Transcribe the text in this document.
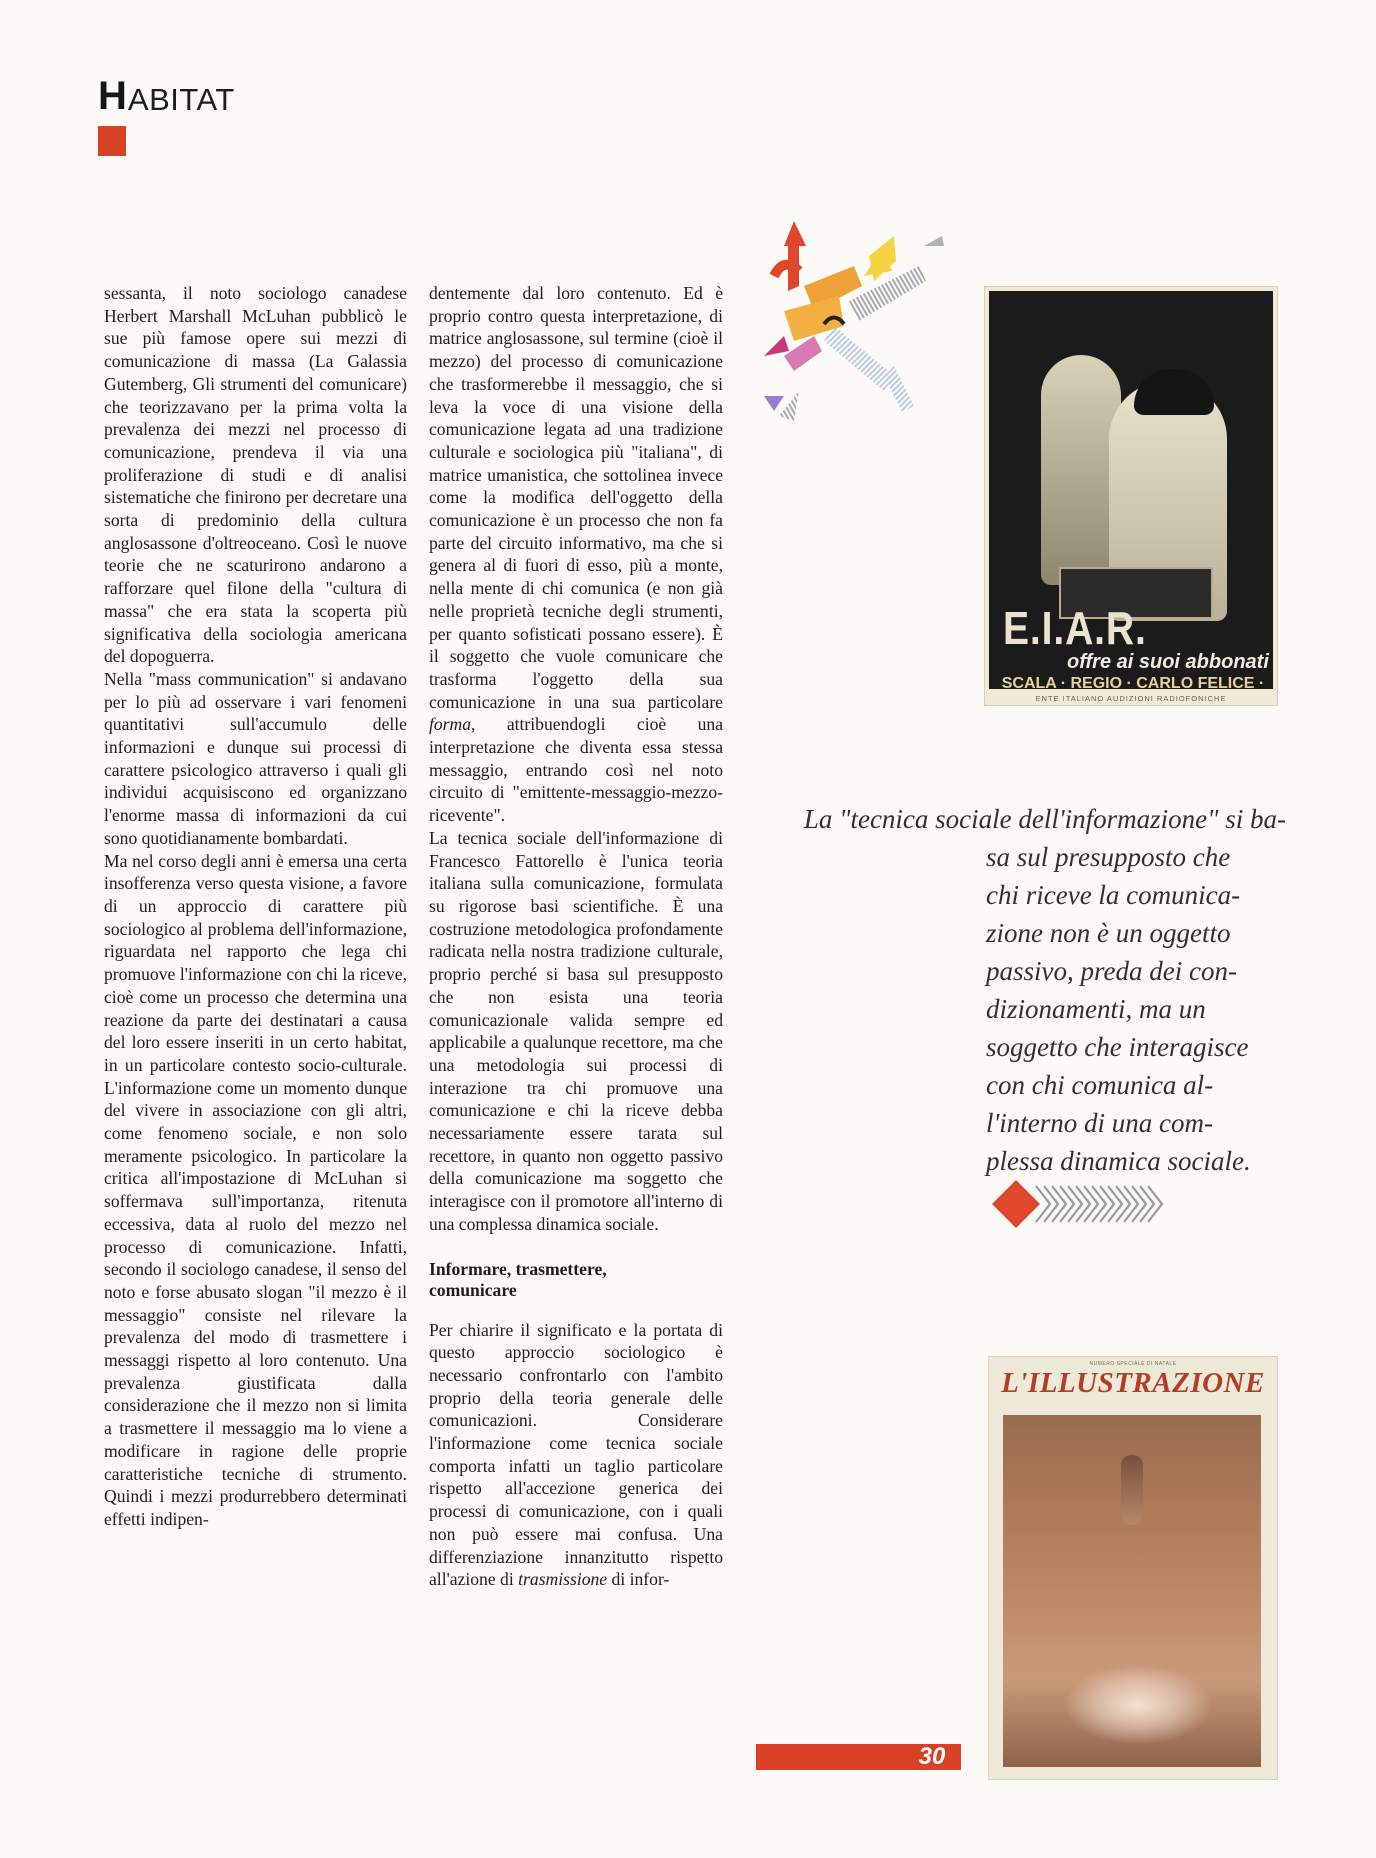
H ABITAT

sessanta, il noto sociologo canadese Herbert Marshall McLuhan pubblicò le sue più famose opere sui mezzi di comunicazione di massa (La Galassia Gutemberg, Gli strumenti del comunicare) che teorizzavano per la prima volta la prevalenza dei mezzi nel processo di comunicazione, prendeva il via una proliferazione di studi e di analisi sistematiche che finirono per decretare una sorta di predominio della cultura anglosassone d'oltreoceano. Così le nuove teorie che ne scaturirono andarono a rafforzare quel filone della "cultura di massa" che era stata la scoperta più significativa della sociologia americana del dopoguerra.

Nella "mass communication" si andavano per lo più ad osservare i vari fenomeni quantitativi sull'accumulo delle informazioni e dunque sui processi di carattere psicologico attraverso i quali gli individui acquisiscono ed organizzano l'enorme massa di informazioni da cui sono quotidianamente bombardati.

Ma nel corso degli anni è emersa una certa insofferenza verso questa visione, a favore di un approccio di carattere più sociologico al problema dell'informazione, riguardata nel rapporto che lega chi promuove l'informazione con chi la riceve, cioè come un processo che determina una reazione da parte dei destinatari a causa del loro essere inseriti in un certo habitat, in un particolare contesto socio-culturale. L'informazione come un momento dunque del vivere in associazione con gli altri, come fenomeno sociale, e non solo meramente psicologico. In particolare la critica all'impostazione di McLuhan si soffermava sull'importanza, ritenuta eccessiva, data al ruolo del mezzo nel processo di comunicazione. Infatti, secondo il sociologo canadese, il senso del noto e forse abusato slogan "il mezzo è il messaggio" consiste nel rilevare la prevalenza del modo di trasmettere i messaggi rispetto al loro contenuto. Una prevalenza giustificata dalla considerazione che il mezzo non si limita a trasmettere il messaggio ma lo viene a modificare in ragione delle proprie caratteristiche tecniche di strumento. Quindi i mezzi produrrebbero determinati effetti indipen-

dentemente dal loro contenuto. Ed è proprio contro questa interpretazione, di matrice anglosassone, sul termine (cioè il mezzo) del processo di comunicazione che trasformerebbe il messaggio, che si leva la voce di una visione della comunicazione legata ad una tradizione culturale e sociologica più "italiana", di matrice umanistica, che sottolinea invece come la modifica dell'oggetto della comunicazione è un processo che non fa parte del circuito informativo, ma che si genera al di fuori di esso, più a monte, nella mente di chi comunica (e non già nelle proprietà tecniche degli strumenti, per quanto sofisticati possano essere). È il soggetto che vuole comunicare che trasforma l'oggetto della sua comunicazione in una sua particolare forma, attribuendogli cioè una interpretazione che diventa essa stessa messaggio, entrando così nel noto circuito di "emittente-messaggio-mezzo-ricevente".

La tecnica sociale dell'informazione di Francesco Fattorello è l'unica teoria italiana sulla comunicazione, formulata su rigorose basi scientifiche. È una costruzione metodologica profondamente radicata nella nostra tradizione culturale, proprio perché si basa sul presupposto che non esista una teoria comunicazionale valida sempre ed applicabile a qualunque recettore, ma che una metodologia sui processi di interazione tra chi promuove una comunicazione e chi la riceve debba necessariamente essere tarata sul recettore, in quanto non oggetto passivo della comunicazione ma soggetto che interagisce con il promotore all'interno di una complessa dinamica sociale.

Informare, trasmettere,
comunicare

Per chiarire il significato e la portata di questo approccio sociologico è necessario confrontarlo con l'ambito proprio della teoria generale delle comunicazioni. Considerare l'informazione come tecnica sociale comporta infatti un taglio particolare rispetto all'accezione generica dei processi di comunicazione, con i quali non può essere mai confusa. Una differenziazione innanzitutto rispetto all'azione di trasmissione di infor-

E.I.A.R.
offre ai suoi abbonati
SCALA · REGIO · CARLO FELICE ·
ENTE ITALIANO AUDIZIONI RADIOFONICHE
La "tecnica sociale dell'informazione" si ba-
sa sul presupposto che
chi riceve la comunica-
zione non è un oggetto
passivo, preda dei con-
dizionamenti, ma un
soggetto che interagisce
con chi comunica al-
l'interno di una com-
plessa dinamica sociale.
NUMERO SPECIALE DI NATALE
L'ILLUSTRAZIONE
30
